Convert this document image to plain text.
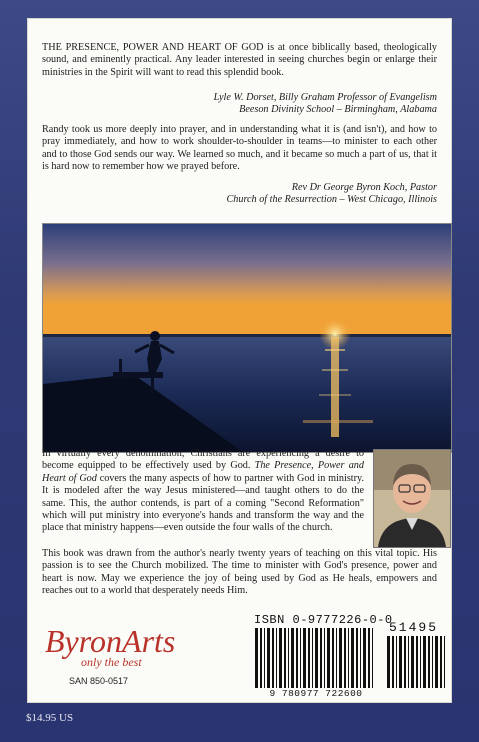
THE PRESENCE, POWER AND HEART OF GOD is at once biblically based, theologically sound, and eminently practical. Any leader interested in seeing churches begin or enlarge their ministries in the Spirit will want to read this splendid book.
Lyle W. Dorset, Billy Graham Professor of Evangelism
Beeson Divinity School – Birmingham, Alabama
Randy took us more deeply into prayer, and in understanding what it is (and isn't), and how to pray immediately, and how to work shoulder-to-shoulder in teams—to minister to each other and to those God sends our way. We learned so much, and it became so much a part of us, that it is hard now to remember how we prayed before.
Rev Dr George Byron Koch, Pastor
Church of the Resurrection – West Chicago, Illinois
In virtually every denomination, Christians are experiencing a desire to become equipped to be effectively used by God. The Presence, Power and Heart of God covers the many aspects of how to partner with God in ministry. It is modeled after the way Jesus ministered—and taught others to do the same. This, the author contends, is part of a coming "Second Reformation" which will put ministry into everyone's hands and transform the way and the place that ministry happens—even outside the four walls of the church.
This book was drawn from the author's nearly twenty years of teaching on this vital topic. His passion is to see the Church mobilized. The time to minister with God's presence, power and heart is now. May we experience the joy of being used by God as He heals, empowers and reaches out to a world that desperately needs Him.
ByronArts
only the best
SAN 850-0517
ISBN 0-9777226-0-0
51495
9 780977 722600
$14.95 US
